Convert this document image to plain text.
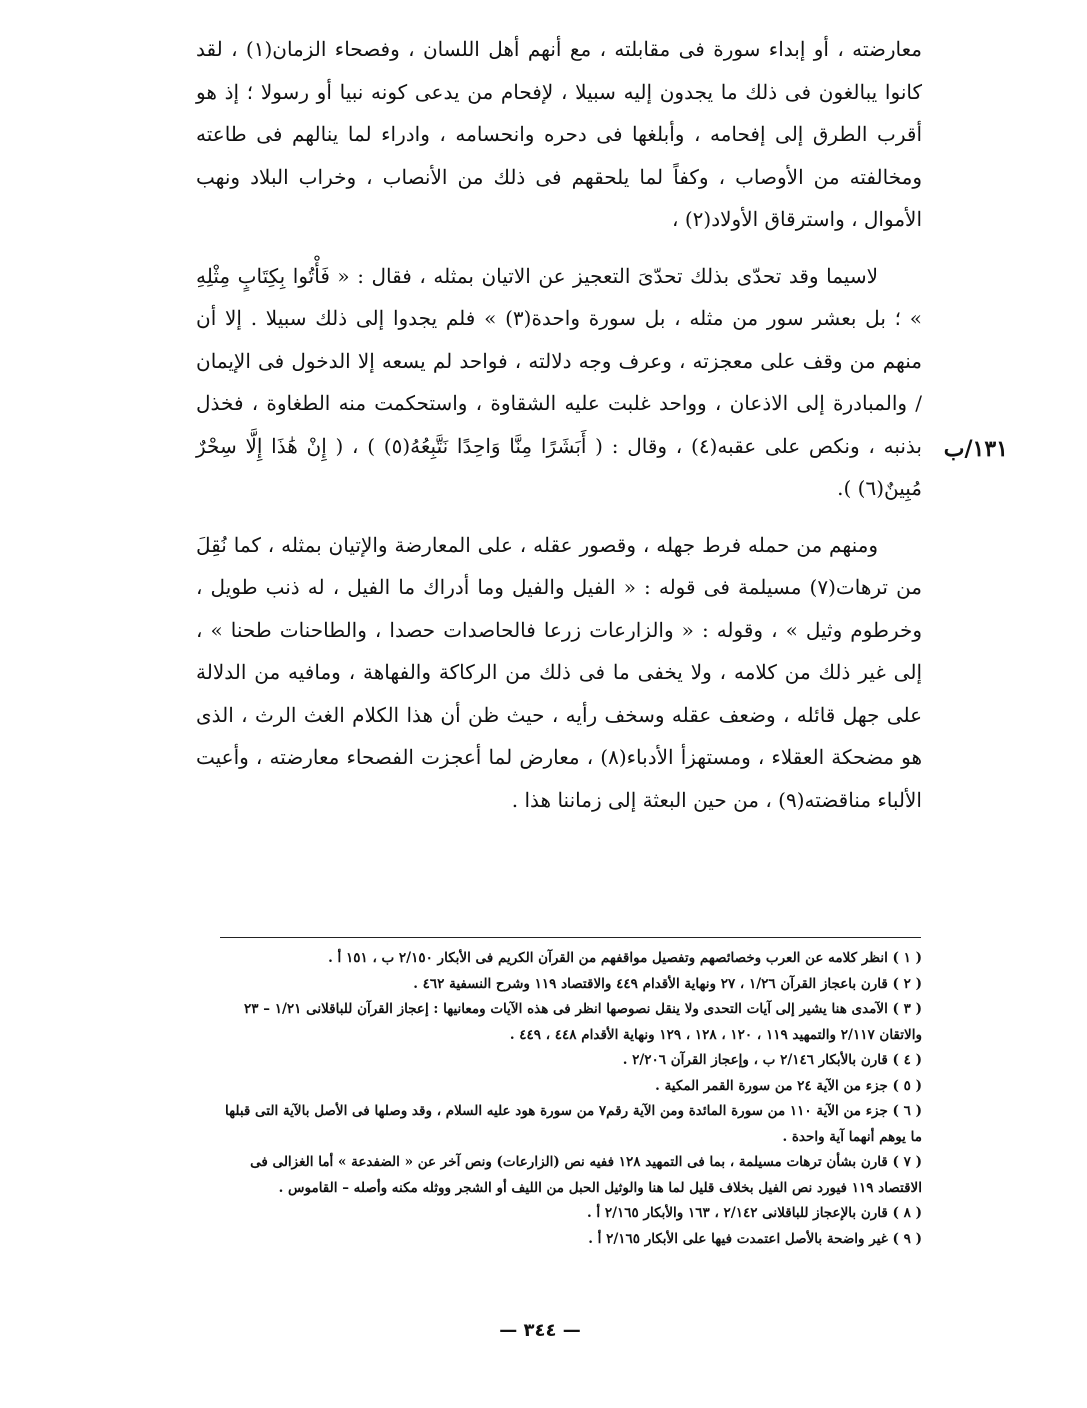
معارضته ، أو إبداء سورة فى مقابلته ، مع أنهم أهل اللسان ، وفصحاء الزمان(١) ، لقد كانوا يبالغون فى ذلك ما يجدون إليه سبيلا ، لإفحام من يدعى كونه نبيا أو رسولا ؛ إذ هو أقرب الطرق إلى إفحامه ، وأبلغها فى دحره وانحسامه ، وادراء لما ينالهم فى طاعته ومخالفته من الأوصاب ، وكفاً لما يلحقهم فى ذلك من الأنصاب ، وخراب البلاد ونهب الأموال ، واسترقاق الأولاد(٢) ،

لاسيما وقد تحدّى بذلك تحدّىَ التعجيز عن الاتيان بمثله ، فقال : « فَأْتُوا بِكِتَابٍ مِثْلِهِ » ؛ بل بعشر سور من مثله ، بل سورة واحدة(٣) » فلم يجدوا إلى ذلك سبيلا . إلا أن منهم من وقف على معجزته ، وعرف وجه دلالته ، فواحد لم يسعه إلا الدخول فى الإيمان / والمبادرة إلى الاذعان ، وواحد غلبت عليه الشقاوة ، واستحكمت منه الطغاوة ، فخذل بذنبه ، ونكص على عقبه(٤) ، وقال : ( أَبَشَرًا مِنَّا وَاحِدًا نَتَّبِعُهُ(٥) ) ، ( إِنْ هَٰذَا إِلَّا سِحْرٌ مُبِينٌ(٦) ).

ومنهم من حمله فرط جهله ، وقصور عقله ، على المعارضة والإتيان بمثله ، كما نُقِلَ من ترهات(٧) مسيلمة فى قوله : « الفيل والفيل وما أدراك ما الفيل ، له ذنب طويل ، وخرطوم وثيل » ، وقوله : « والزارعات زرعا فالحاصدات حصدا ، والطاحنات طحنا » ، إلى غير ذلك من كلامه ، ولا يخفى ما فى ذلك من الركاكة والفهاهة ، ومافيه من الدلالة على جهل قائله ، وضعف عقله وسخف رأيه ، حيث ظن أن هذا الكلام الغث الرث ، الذى هو مضحكة العقلاء ، ومستهزأ الأدباء(٨) ، معارض لما أعجزت الفصحاء معارضته ، وأعيت الألباء مناقضته(٩) ، من حين البعثة إلى زماننا هذا .

١٣١/ب

( ١ ) انظر كلامه عن العرب وخصائصهم وتفصيل مواقفهم من القرآن الكريم فى الأبكار ٢/١٥٠ ب ، ١٥١ أ .

( ٢ ) قارن باعجاز القرآن ١/٢٦ ، ٢٧ ونهاية الأقدام ٤٤٩ والاقتصاد ١١٩ وشرح النسفية ٤٦٢ .

( ٣ ) الآمدى هنا يشير إلى آيات التحدى ولا ينقل نصوصها انظر فى هذه الآيات ومعانيها : إعجاز القرآن للباقلانى ١/٢١ – ٢٣ والاتقان ٢/١١٧ والتمهيد ١١٩ ، ١٢٠ ، ١٢٨ ، ١٢٩ ونهاية الأقدام ٤٤٨ ، ٤٤٩ .

( ٤ ) قارن بالأبكار ٢/١٤٦ ب ، وإعجاز القرآن ٢/٢٠٦ .

( ٥ ) جزء من الآية ٢٤ من سورة القمر المكية .

( ٦ ) جزء من الآية ١١٠ من سورة المائدة ومن الآية رقم٧ من سورة هود عليه السلام ، وقد وصلها فى الأصل بالآية التى قبلها ما يوهم أنهما آية واحدة .

( ٧ ) قارن بشأن ترهات مسيلمة ، بما فى التمهيد ١٢٨ ففيه نص (الزارعات) ونص آخر عن « الضفدعة » أما الغزالى فى الاقتصاد ١١٩ فيورد نص الفيل بخلاف قليل لما هنا والوثيل الحبل من الليف أو الشجر ووثله مكنه وأصله – القاموس .

( ٨ ) قارن بالإعجاز للباقلانى ٢/١٤٢ ، ١٦٣ والأبكار ٢/١٦٥ أ .

( ٩ ) غير واضحة بالأصل اعتمدت فيها على الأبكار ٢/١٦٥ أ .

— ٣٤٤ —
